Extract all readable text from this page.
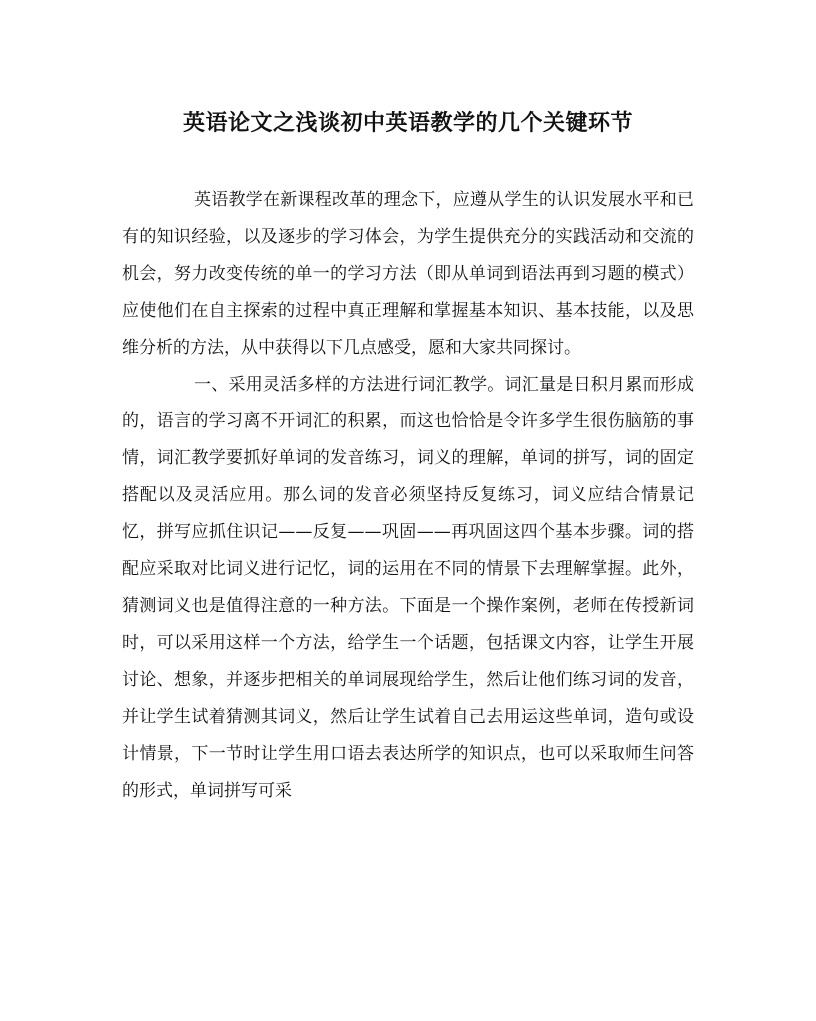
英语论文之浅谈初中英语教学的几个关键环节

英语教学在新课程改革的理念下，应遵从学生的认识发展水平和已有的知识经验，以及逐步的学习体会，为学生提供充分的实践活动和交流的机会，努力改变传统的单一的学习方法（即从单词到语法再到习题的模式）应使他们在自主探索的过程中真正理解和掌握基本知识、基本技能，以及思维分析的方法，从中获得以下几点感受，愿和大家共同探讨。

一、采用灵活多样的方法进行词汇教学。词汇量是日积月累而形成的，语言的学习离不开词汇的积累，而这也恰恰是令许多学生很伤脑筋的事情，词汇教学要抓好单词的发音练习，词义的理解，单词的拼写，词的固定搭配以及灵活应用。那么词的发音必须坚持反复练习，词义应结合情景记忆，拼写应抓住识记——反复——巩固——再巩固这四个基本步骤。词的搭配应采取对比词义进行记忆，词的运用在不同的情景下去理解掌握。此外，猜测词义也是值得注意的一种方法。下面是一个操作案例，老师在传授新词时，可以采用这样一个方法，给学生一个话题，包括课文内容，让学生开展讨论、想象，并逐步把相关的单词展现给学生，然后让他们练习词的发音，并让学生试着猜测其词义，然后让学生试着自己去用运这些单词，造句或设计情景，下一节时让学生用口语去表达所学的知识点，也可以采取师生问答的形式，单词拼写可采
